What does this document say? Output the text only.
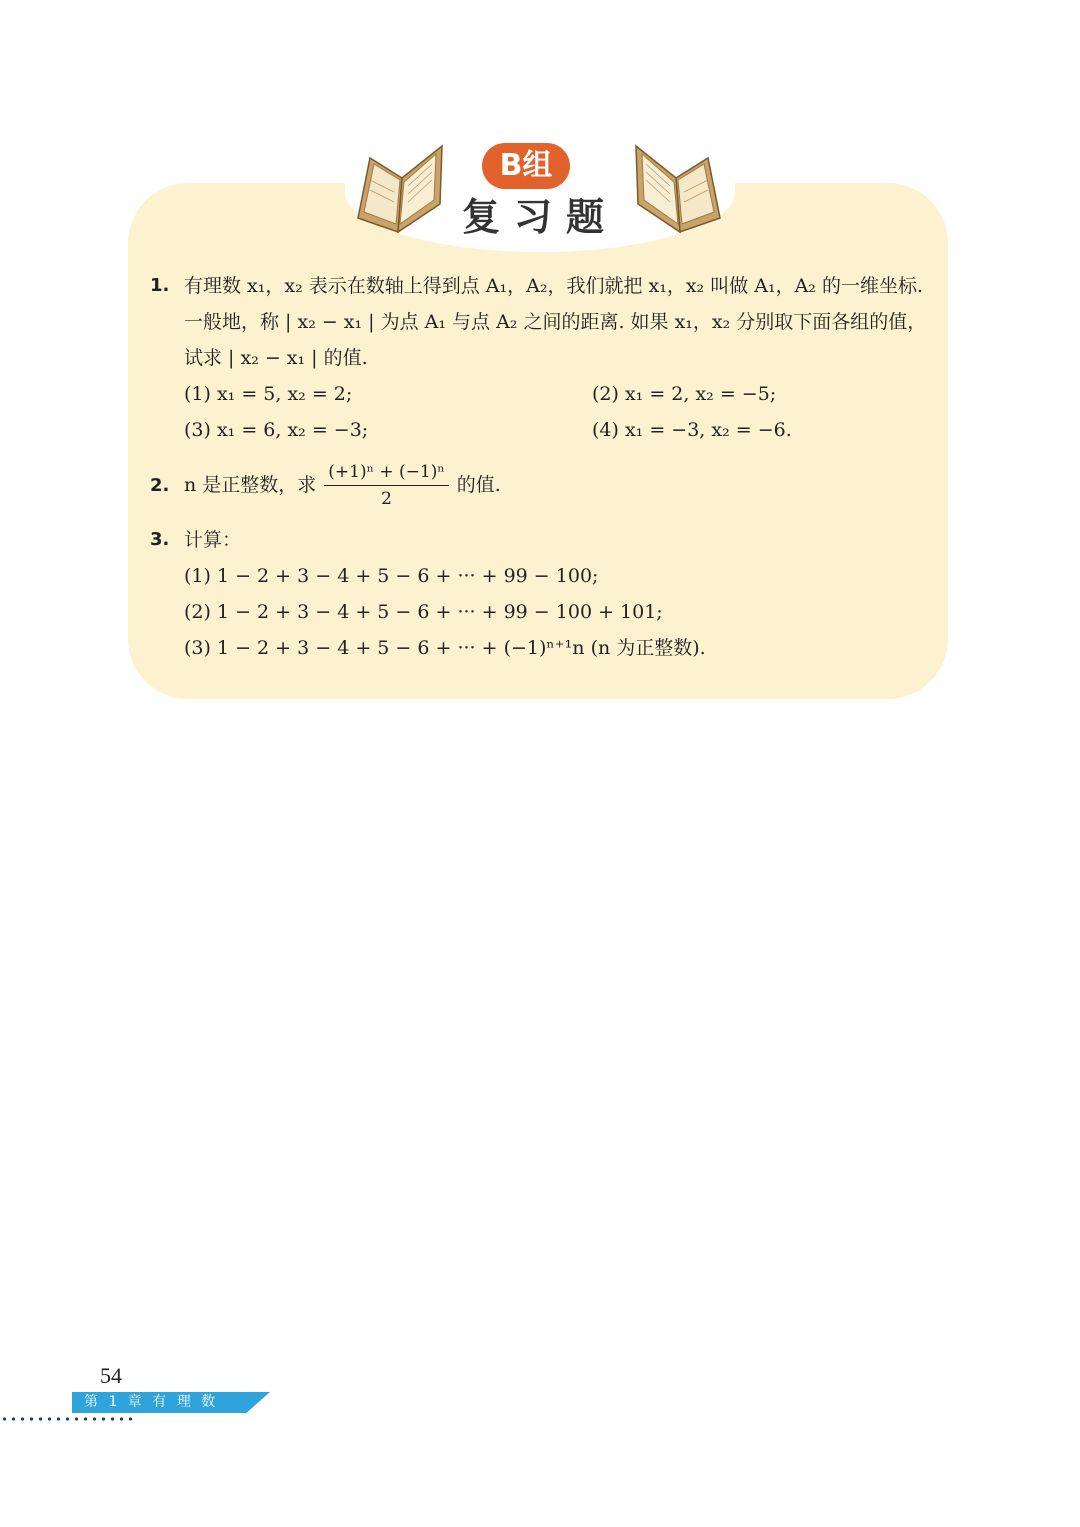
B组
复习题
1. 有理数 x₁，x₂ 表示在数轴上得到点 A₁，A₂，我们就把 x₁，x₂ 叫做 A₁，A₂ 的一维坐标. 一般地，称 | x₂ − x₁ | 为点 A₁ 与点 A₂ 之间的距离. 如果 x₁，x₂ 分别取下面各组的值，试求 | x₂ − x₁ | 的值.
(1) x₁ = 5, x₂ = 2;	(2) x₁ = 2, x₂ = −5;
(3) x₁ = 6, x₂ = −3;	(4) x₁ = −3, x₂ = −6.
2. n 是正整数，求 $\frac{\text{(+1)ⁿ + (−1)ⁿ}}{2}$ 的值.
3. 计算：
(1) 1 − 2 + 3 − 4 + 5 − 6 + ··· + 99 − 100;
(2) 1 − 2 + 3 − 4 + 5 − 6 + ··· + 99 − 100 + 101;
(3) 1 − 2 + 3 − 4 + 5 − 6 + ··· + (−1)ⁿ⁺¹n (n 为正整数).
54
第 1 章 有 理 数
